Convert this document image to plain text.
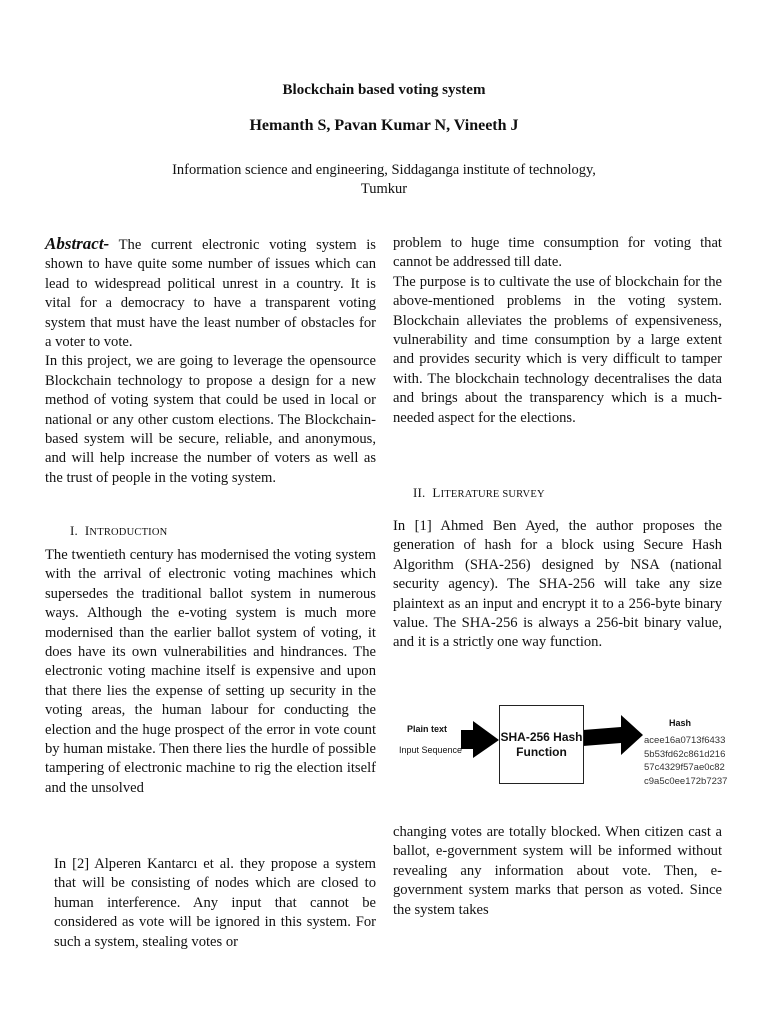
Blockchain based voting system
Hemanth S, Pavan Kumar N, Vineeth J
Information science and engineering, Siddaganga institute of technology,
Tumkur

Abstract- The current electronic voting system is shown to have quite some number of issues which can lead to widespread political unrest in a country. It is vital for a democracy to have a transparent voting system that must have the least number of obstacles for a voter to vote.

In this project, we are going to leverage the opensource Blockchain technology to propose a design for a new method of voting system that could be used in local or national or any other custom elections. The Blockchain-based system will be secure, reliable, and anonymous, and will help increase the number of voters as well as the trust of people in the voting system.

I. INTRODUCTION
The twentieth century has modernised the voting system with the arrival of electronic voting machines which supersedes the traditional ballot system in numerous ways. Although the e-voting system is much more modernised than the earlier ballot system of voting, it does have its own vulnerabilities and hindrances. The electronic voting machine itself is expensive and upon that there lies the expense of setting up security in the voting areas, the human labour for conducting the election and the huge prospect of the error in vote count by human mistake. Then there lies the hurdle of possible tampering of electronic machine to rig the election itself and the unsolved

problem to huge time consumption for voting that cannot be addressed till date.

The purpose is to cultivate the use of blockchain for the above-mentioned problems in the voting system. Blockchain alleviates the problems of expensiveness, vulnerability and time consumption by a large extent and provides security which is very difficult to tamper with. The blockchain technology decentralises the data and brings about the transparency which is a much-needed aspect for the elections.

II. LITERATURE SURVEY
In [1] Ahmed Ben Ayed, the author proposes the generation of hash for a block using Secure Hash Algorithm (SHA-256) designed by NSA (national security agency). The SHA-256 will take any size plaintext as an input and encrypt it to a 256-byte binary value. The SHA-256 is always a 256-bit binary value, and it is a strictly one way function.
Plain text
Input Sequence
SHA-256 Hash
Function
Hash
acee16a0713f6433
5b53fd62c861d216
57c4329f57ae0c82
c9a5c0ee172b7237
In [2] Alperen Kantarcı et al. they propose a system that will be consisting of nodes which are closed to human interference. Any input that cannot be considered as vote will be ignored in this system. For such a system, stealing votes or
changing votes are totally blocked. When citizen cast a ballot, e-government system will be informed without revealing any information about vote. Then, e-government system marks that person as voted. Since the system takes
